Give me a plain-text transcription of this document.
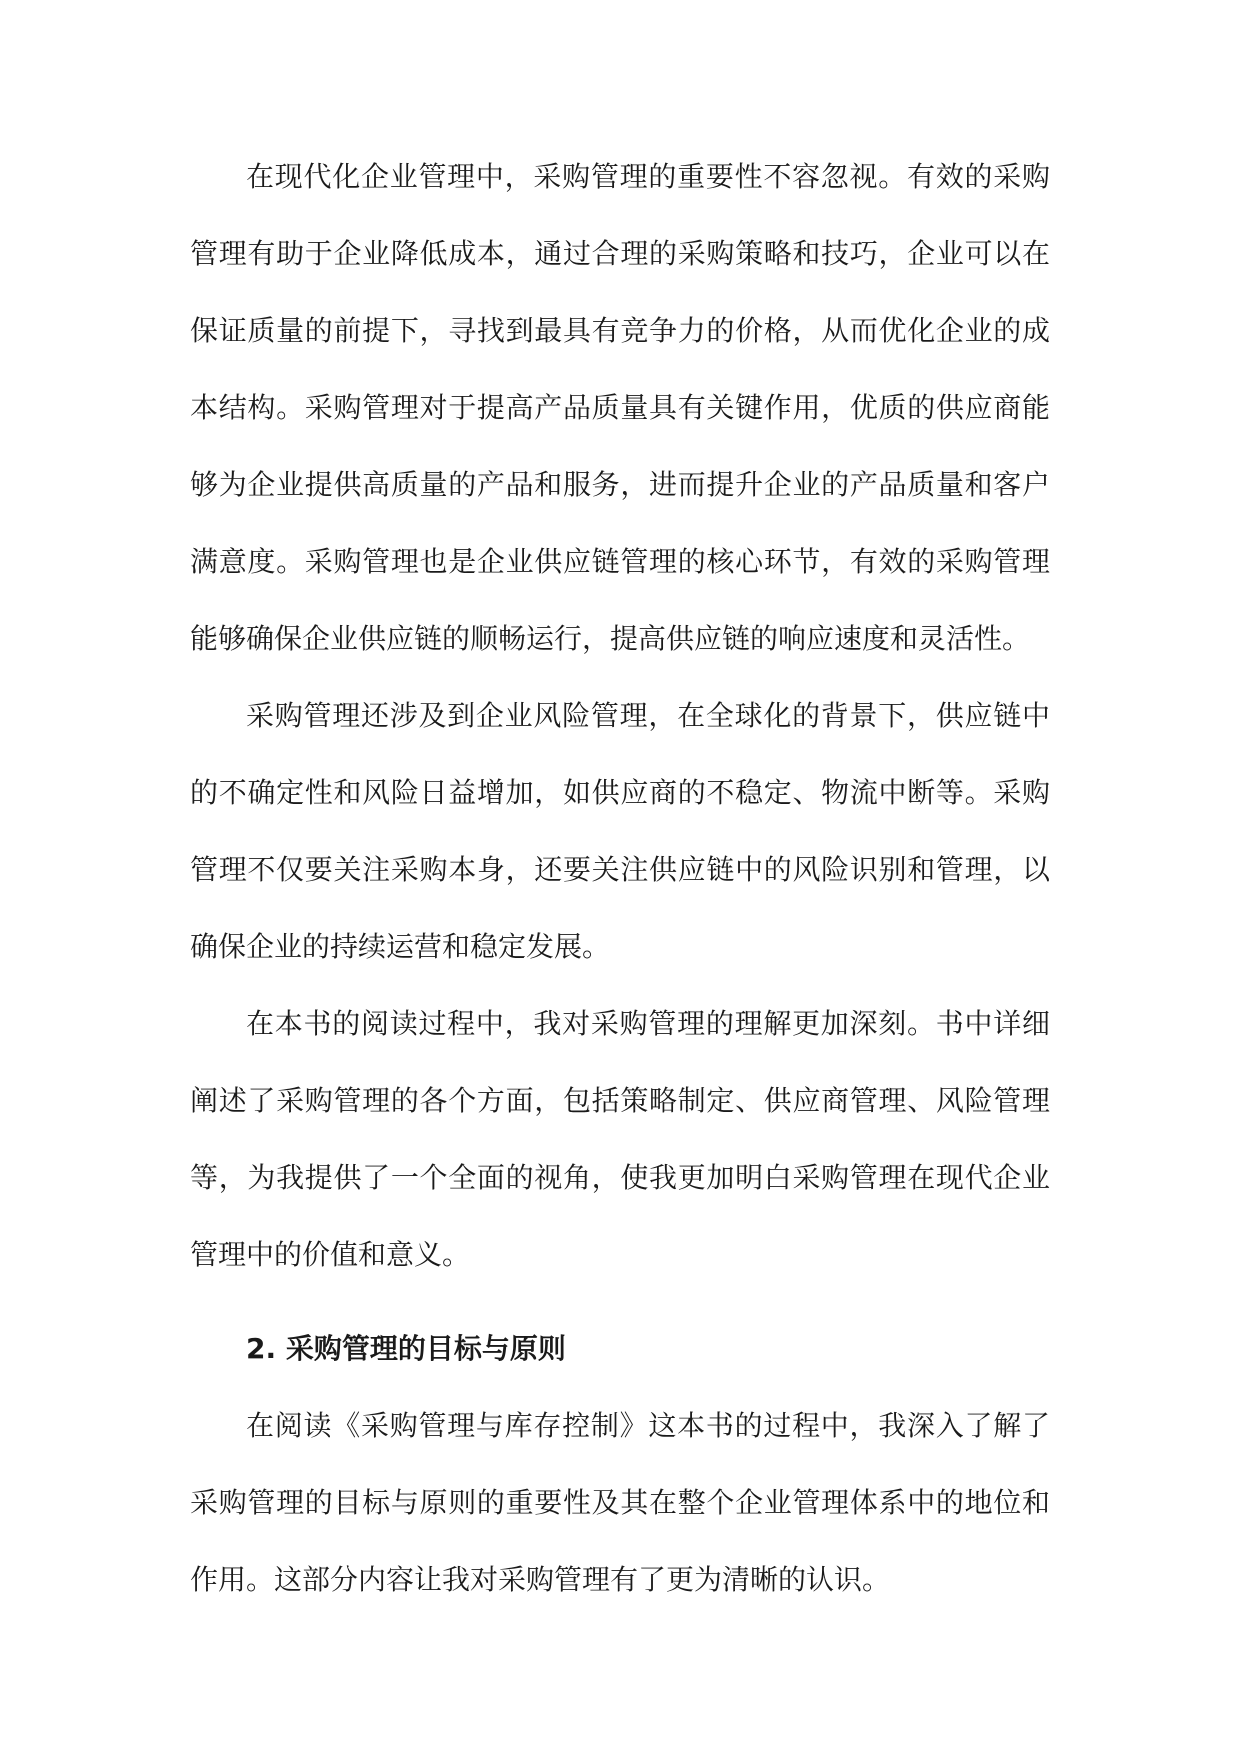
在现代化企业管理中，采购管理的重要性不容忽视。有效的采购管理有助于企业降低成本，通过合理的采购策略和技巧，企业可以在保证质量的前提下，寻找到最具有竞争力的价格，从而优化企业的成本结构。采购管理对于提高产品质量具有关键作用，优质的供应商能够为企业提供高质量的产品和服务，进而提升企业的产品质量和客户满意度。采购管理也是企业供应链管理的核心环节，有效的采购管理能够确保企业供应链的顺畅运行，提高供应链的响应速度和灵活性。

采购管理还涉及到企业风险管理，在全球化的背景下，供应链中的不确定性和风险日益增加，如供应商的不稳定、物流中断等。采购管理不仅要关注采购本身，还要关注供应链中的风险识别和管理，以确保企业的持续运营和稳定发展。

在本书的阅读过程中，我对采购管理的理解更加深刻。书中详细阐述了采购管理的各个方面，包括策略制定、供应商管理、风险管理等，为我提供了一个全面的视角，使我更加明白采购管理在现代企业管理中的价值和意义。

2. 采购管理的目标与原则

在阅读《采购管理与库存控制》这本书的过程中，我深入了解了采购管理的目标与原则的重要性及其在整个企业管理体系中的地位和作用。这部分内容让我对采购管理有了更为清晰的认识。
